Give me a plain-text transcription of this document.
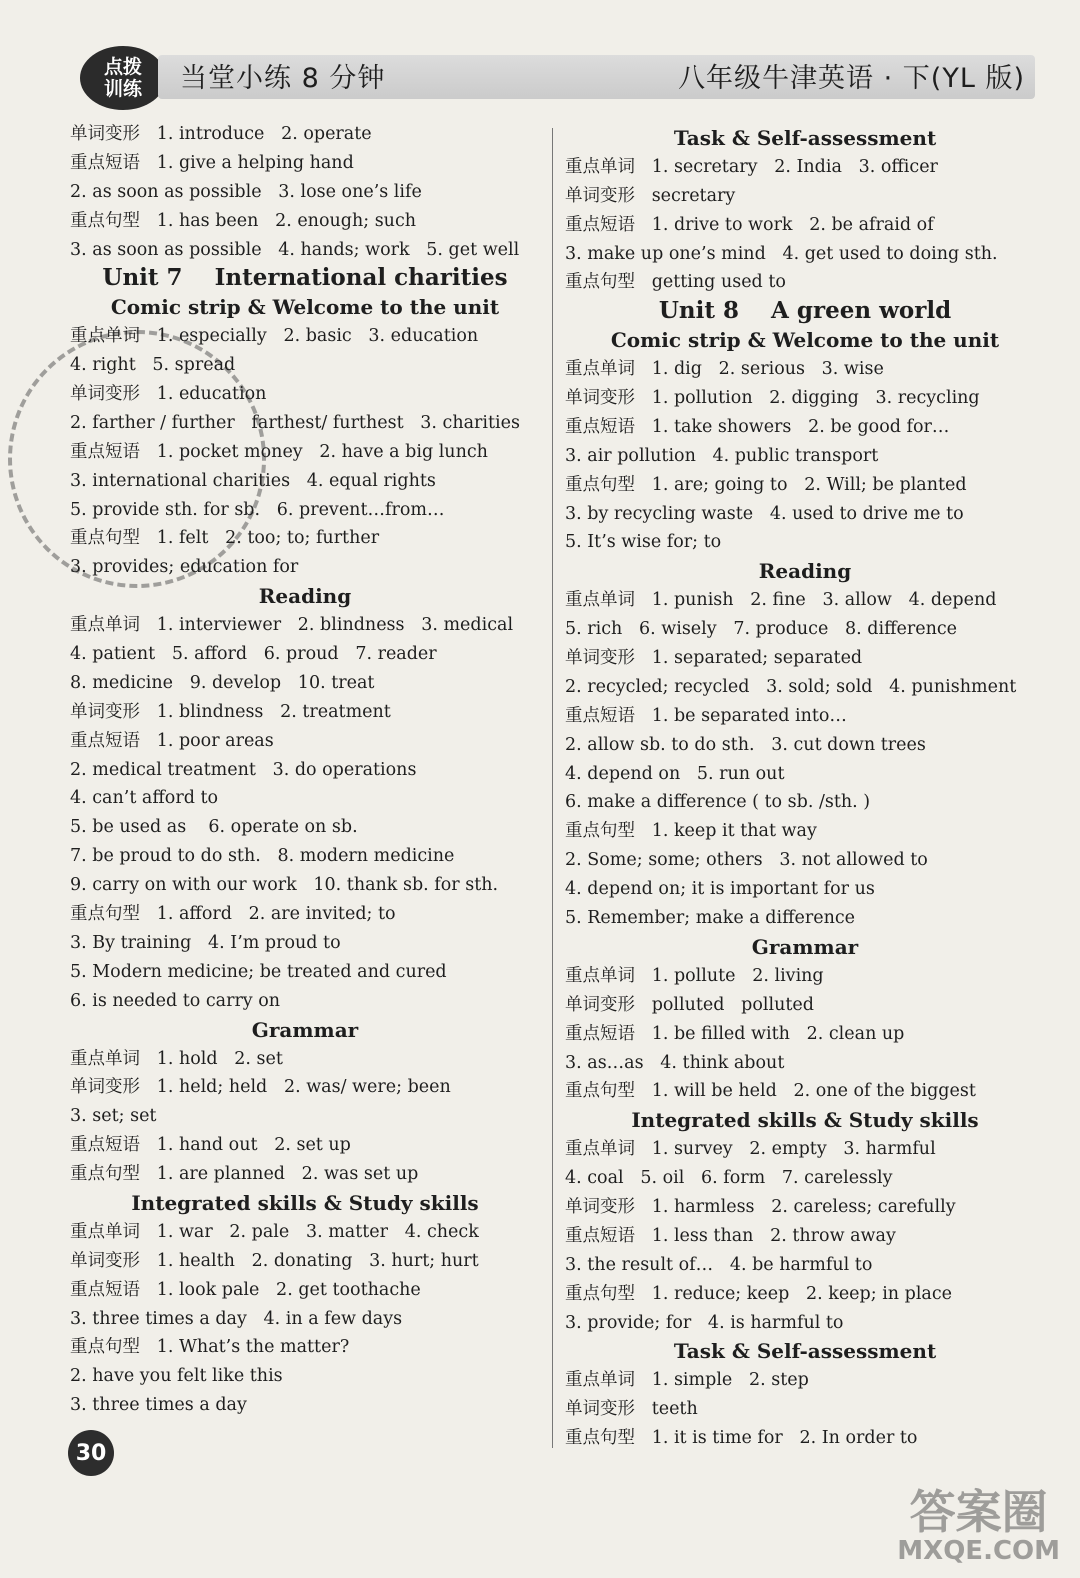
点拨
训练	当堂小练 8 分钟	八年级牛津英语 · 下(YL 版)
单词变形   1. introduce   2. operate
重点短语   1. give a helping hand
2. as soon as possible   3. lose one’s life
重点句型   1. has been   2. enough; such
3. as soon as possible   4. hands; work   5. get well
Unit 7    International charities
Comic strip & Welcome to the unit
重点单词   1. especially   2. basic   3. education
4. right   5. spread
单词变形   1. education
2. farther / further   farthest/ furthest   3. charities
重点短语   1. pocket money   2. have a big lunch
3. international charities   4. equal rights
5. provide sth. for sb.   6. prevent…from…
重点句型   1. felt   2. too; to; further
3. provides; education for
Reading
重点单词   1. interviewer   2. blindness   3. medical
4. patient   5. afford   6. proud   7. reader
8. medicine   9. develop   10. treat
单词变形   1. blindness   2. treatment
重点短语   1. poor areas
2. medical treatment   3. do operations
4. can’t afford to
5. be used as    6. operate on sb.
7. be proud to do sth.   8. modern medicine
9. carry on with our work   10. thank sb. for sth.
重点句型   1. afford   2. are invited; to
3. By training   4. I’m proud to
5. Modern medicine; be treated and cured
6. is needed to carry on
Grammar
重点单词   1. hold   2. set
单词变形   1. held; held   2. was/ were; been
3. set; set
重点短语   1. hand out   2. set up
重点句型   1. are planned   2. was set up
Integrated skills & Study skills
重点单词   1. war   2. pale   3. matter   4. check
单词变形   1. health   2. donating   3. hurt; hurt
重点短语   1. look pale   2. get toothache
3. three times a day   4. in a few days
重点句型   1. What’s the matter?
2. have you felt like this
3. three times a day
Task & Self-assessment
重点单词   1. secretary   2. India   3. officer
单词变形   secretary
重点短语   1. drive to work   2. be afraid of
3. make up one’s mind   4. get used to doing sth.
重点句型   getting used to
Unit 8    A green world
Comic strip & Welcome to the unit
重点单词   1. dig   2. serious   3. wise
单词变形   1. pollution   2. digging   3. recycling
重点短语   1. take showers   2. be good for…
3. air pollution   4. public transport
重点句型   1. are; going to   2. Will; be planted
3. by recycling waste   4. used to drive me to
5. It’s wise for; to
Reading
重点单词   1. punish   2. fine   3. allow   4. depend
5. rich   6. wisely   7. produce   8. difference
单词变形   1. separated; separated
2. recycled; recycled   3. sold; sold   4. punishment
重点短语   1. be separated into…
2. allow sb. to do sth.   3. cut down trees
4. depend on   5. run out
6. make a difference ( to sb. /sth. )
重点句型   1. keep it that way
2. Some; some; others   3. not allowed to
4. depend on; it is important for us
5. Remember; make a difference
Grammar
重点单词   1. pollute   2. living
单词变形   polluted   polluted
重点短语   1. be filled with   2. clean up
3. as…as   4. think about
重点句型   1. will be held   2. one of the biggest
Integrated skills & Study skills
重点单词   1. survey   2. empty   3. harmful
4. coal   5. oil   6. form   7. carelessly
单词变形   1. harmless   2. careless; carefully
重点短语   1. less than   2. throw away
3. the result of…   4. be harmful to
重点句型   1. reduce; keep   2. keep; in place
3. provide; for   4. is harmful to
Task & Self-assessment
重点单词   1. simple   2. step
单词变形   teeth
重点句型   1. it is time for   2. In order to
30
答案圈
MXQE.COM
